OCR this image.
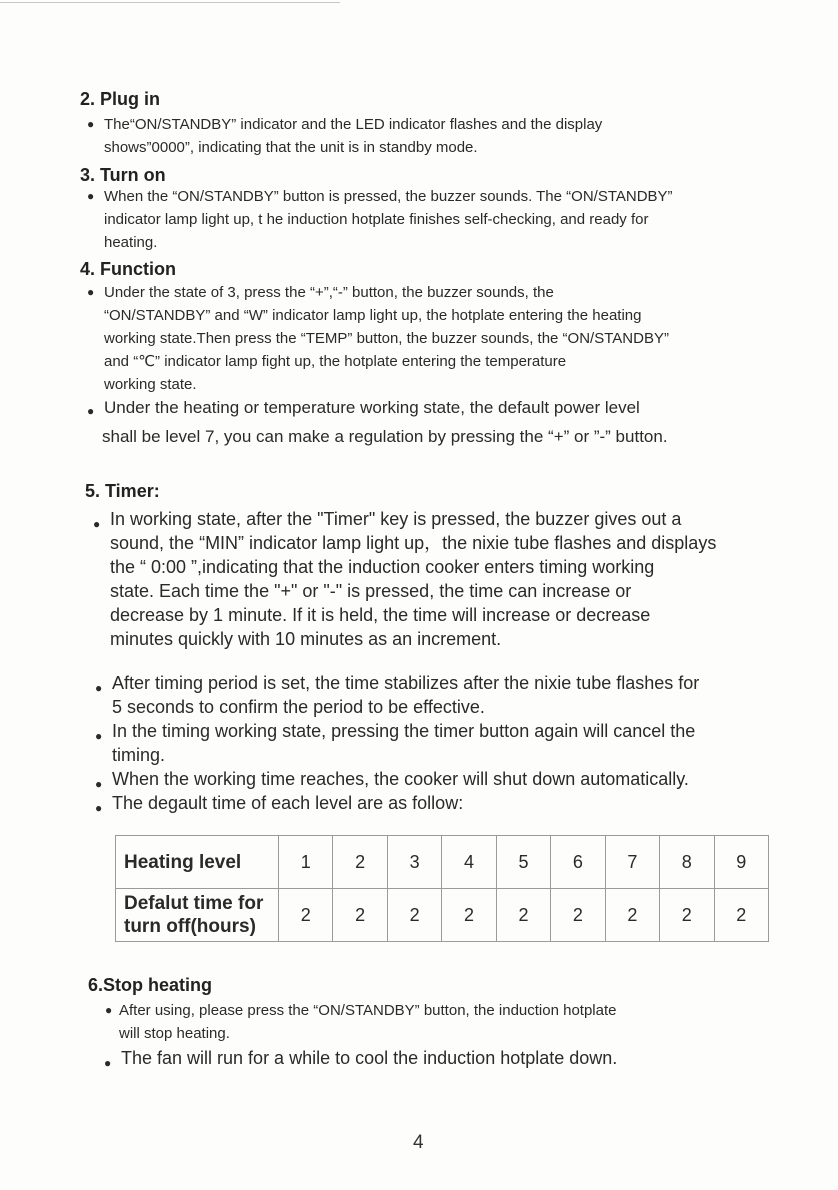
2. Plug in
● The“ON/STANDBY” indicator and the LED indicator flashes and the display
shows”0000”, indicating that the unit is in standby mode.
3. Turn on
● When the “ON/STANDBY” button is pressed, the buzzer sounds. The “ON/STANDBY”
indicator lamp light up, t he induction hotplate finishes self-checking, and ready for
heating.
4. Function
● Under the state of 3, press the “+”,“-” button, the buzzer sounds, the
“ON/STANDBY” and “W” indicator lamp light up, the hotplate entering the heating
working state.Then press the “TEMP” button, the buzzer sounds, the “ON/STANDBY”
and “℃” indicator lamp fight up, the hotplate entering the temperature
working state.
● Under the heating or temperature working state, the default power level
shall be level 7, you can make a regulation by pressing the “+” or ”-” button.
5. Timer:
● In working state, after the "Timer" key is pressed, the buzzer gives out a
sound, the “MIN” indicator lamp light up，the nixie tube flashes and displays
the “ 0:00 ”,indicating that the induction cooker enters timing working
state. Each time the "+" or "-" is pressed, the time can increase or
decrease by 1 minute. If it is held, the time will increase or decrease
minutes quickly with 10 minutes as an increment.
● After timing period is set, the time stabilizes after the nixie tube flashes for
5 seconds to confirm the period to be effective.
● In the timing working state, pressing the timer button again will cancel the
timing.
● When the working time reaches, the cooker will shut down automatically.
● The degault time of each level are as follow:
Heating level	1	2	3	4	5	6	7	8	9

Defalut time for
turn off(hours)	2	2	2	2	2	2	2	2	2
6.Stop heating
● After using, please press the “ON/STANDBY” button, the induction hotplate
will stop heating.
● The fan will run for a while to cool the induction hotplate down.
4
